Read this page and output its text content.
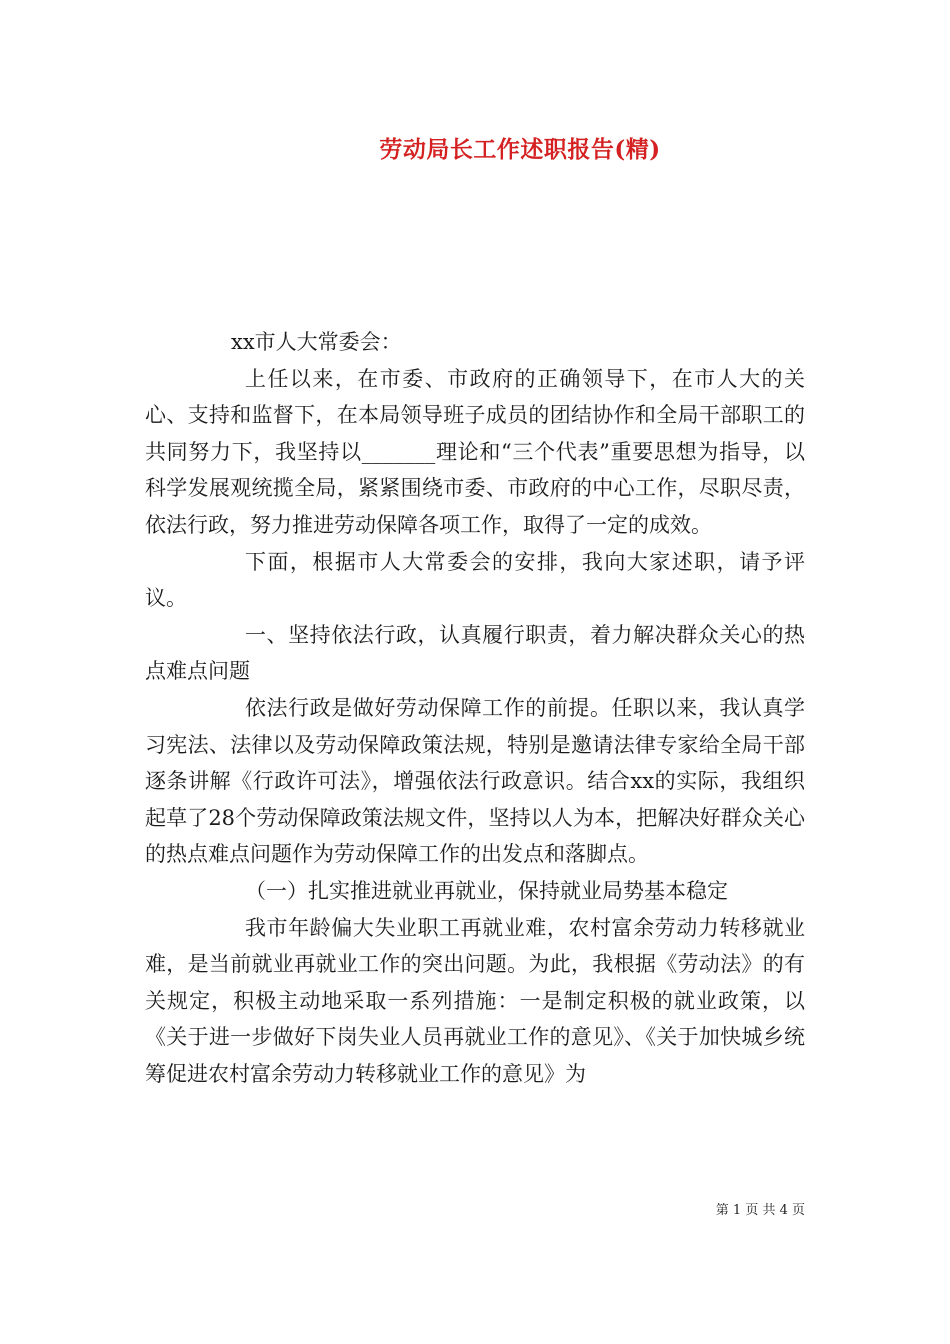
劳动局长工作述职报告(精)

xx市人大常委会：

上任以来，在市委、市政府的正确领导下，在市人大的关心、支持和监督下，在本局领导班子成员的团结协作和全局干部职工的共同努力下，我坚持以_______理论和“三个代表”重要思想为指导，以科学发展观统揽全局，紧紧围绕市委、市政府的中心工作，尽职尽责，依法行政，努力推进劳动保障各项工作，取得了一定的成效。

下面，根据市人大常委会的安排，我向大家述职，请予评议。

一、坚持依法行政，认真履行职责，着力解决群众关心的热点难点问题

依法行政是做好劳动保障工作的前提。任职以来，我认真学习宪法、法律以及劳动保障政策法规，特别是邀请法律专家给全局干部逐条讲解《行政许可法》，增强依法行政意识。结合xx的实际，我组织起草了28个劳动保障政策法规文件，坚持以人为本，把解决好群众关心的热点难点问题作为劳动保障工作的出发点和落脚点。

（一）扎实推进就业再就业，保持就业局势基本稳定

我市年龄偏大失业职工再就业难，农村富余劳动力转移就业难，是当前就业再就业工作的突出问题。为此，我根据《劳动法》的有关规定，积极主动地采取一系列措施：一是制定积极的就业政策，以《关于进一步做好下岗失业人员再就业工作的意见》、《关于加快城乡统筹促进农村富余劳动力转移就业工作的意见》为

第 1 页 共 4 页
